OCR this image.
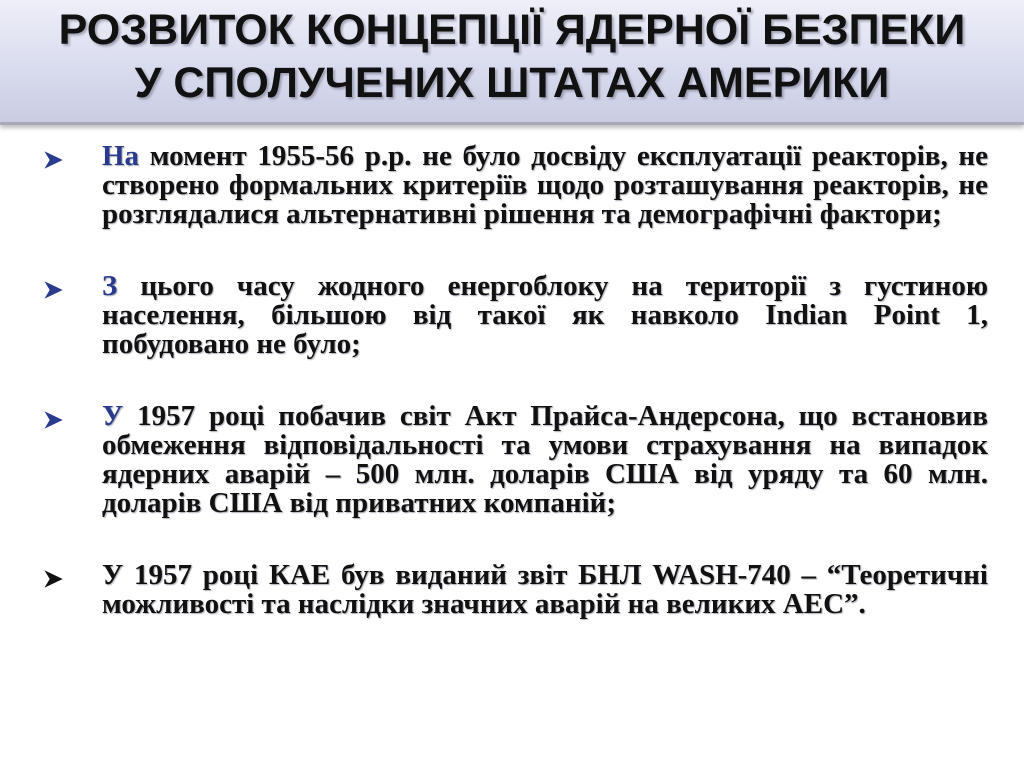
РОЗВИТОК КОНЦЕПЦІЇ ЯДЕРНОЇ БЕЗПЕКИ
У СПОЛУЧЕНИХ ШТАТАХ АМЕРИКИ
На момент 1955-56 р.р. не було досвіду експлуатації реакторів, не створено формальних критеріїв щодо розташування реакторів, не розглядалися альтернативні рішення та демографічні фактори;
З цього часу жодного енергоблоку на території з густиною населення, більшою від такої як навколо Indian Point 1, побудовано не було;
У 1957 році побачив світ Акт Прайса-Андерсона, що встановив обмеження відповідальності та умови страхування на випадок ядерних аварій – 500 млн. доларів США від уряду та 60 млн. доларів США від приватних компаній;
У 1957 році КАЕ був виданий звіт БНЛ WASH-740 – “Теоретичні можливості та наслідки значних аварій на великих АЕС”.
